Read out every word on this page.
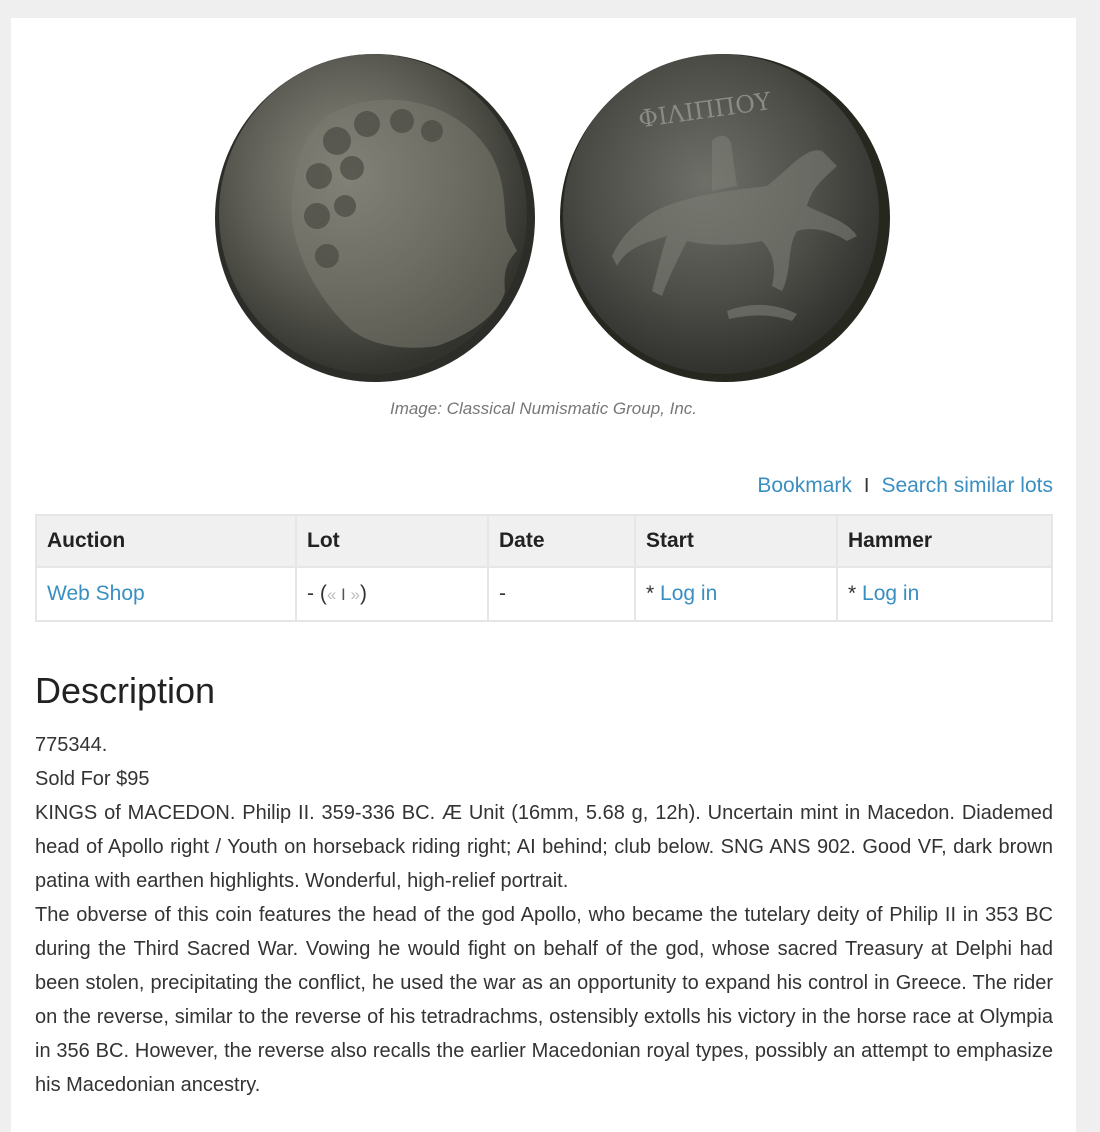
ΦΙΛΙΠΠΟΥ
Image: Classical Numismatic Group, Inc.
Bookmark I Search similar lots
Auction	Lot	Date	Start	Hammer
Web Shop	- (« I »)	-	* Log in	* Log in
Description

775344.

Sold For $95

KINGS of MACEDON. Philip II. 359-336 BC. Æ Unit (16mm, 5.68 g, 12h). Uncertain mint in Macedon. Diademed head of Apollo right / Youth on horseback riding right; AI behind; club below. SNG ANS 902. Good VF, dark brown patina with earthen highlights. Wonderful, high-relief portrait.

The obverse of this coin features the head of the god Apollo, who became the tutelary deity of Philip II in 353 BC during the Third Sacred War. Vowing he would fight on behalf of the god, whose sacred Treasury at Delphi had been stolen, precipitating the conflict, he used the war as an opportunity to expand his control in Greece. The rider on the reverse, similar to the reverse of his tetradrachms, ostensibly extolls his victory in the horse race at Olympia in 356 BC. However, the reverse also recalls the earlier Macedonian royal types, possibly an attempt to emphasize his Macedonian ancestry.
